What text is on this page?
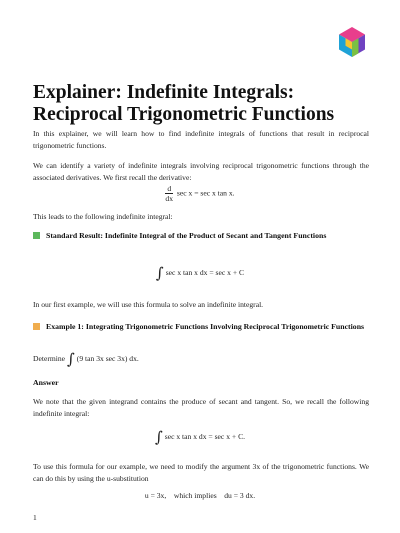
Explainer: Indefinite Integrals: Reciprocal Trigonometric Functions
In this explainer, we will learn how to find indefinite integrals of functions that result in reciprocal trigonometric functions.
We can identify a variety of indefinite integrals involving reciprocal trigonometric functions through the associated derivatives. We first recall the derivative:
$\frac{d}{dx}$ sec x = sec x tan x.
This leads to the following indefinite integral:
Standard Result: Indefinite Integral of the Product of Secant and Tangent Functions
∫ sec x tan x dx = sec x + C
In our first example, we will use this formula to solve an indefinite integral.
Example 1: Integrating Trigonometric Functions Involving Reciprocal Trigonometric Functions
Determine ∫ (9 tan 3x sec 3x) dx.
Answer
We note that the given integrand contains the produce of secant and tangent. So, we recall the following indefinite integral:
∫ sec x tan x dx = sec x + C.
To use this formula for our example, we need to modify the argument 3x of the trigonometric functions. We can do this by using the u-substitution
u = 3x,    which implies    du = 3 dx.
1
